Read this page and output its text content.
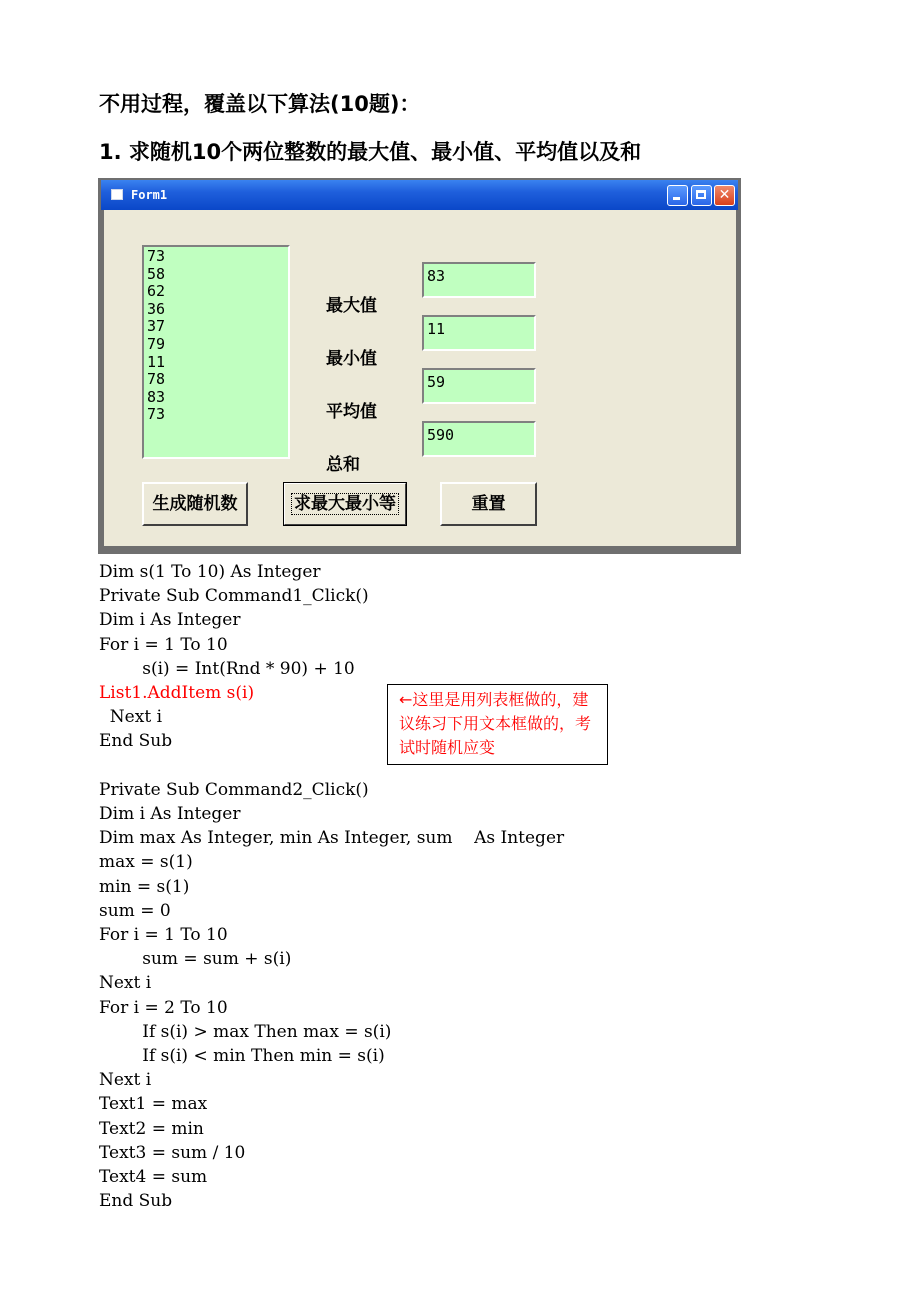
不用过程，覆盖以下算法(10题)：
1. 求随机10个两位整数的最大值、最小值、平均值以及和
Form1	✕
73
58
62
36
37
79
11
78
83
73
最大值
最小值
平均值
总和
83
11
59
590
生成随机数	求最大最小等	重置
Dim s(1 To 10) As Integer
Private Sub Command1_Click()
Dim i As Integer
For i = 1 To 10
s(i) = Int(Rnd * 90) + 10
List1.AddItem s(i)
Next i
End Sub

Private Sub Command2_Click()
Dim i As Integer
Dim max As Integer, min As Integer, sum    As Integer
max = s(1)
min = s(1)
sum = 0
For i = 1 To 10
sum = sum + s(i)
Next i
For i = 2 To 10
If s(i) > max Then max = s(i)
If s(i) < min Then min = s(i)
Next i
Text1 = max
Text2 = min
Text3 = sum / 10
Text4 = sum
End Sub
←这里是用列表框做的，建议练习下用文本框做的，考试时随机应变
